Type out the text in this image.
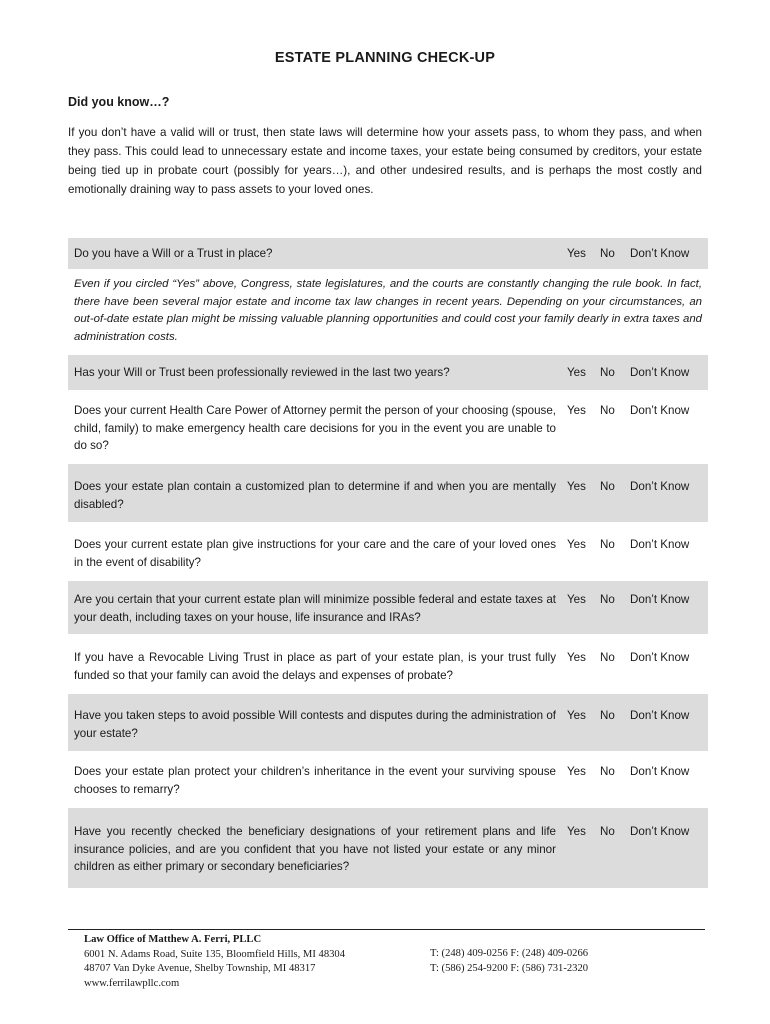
ESTATE PLANNING CHECK-UP
Did you know…?
If you don’t have a valid will or trust, then state laws will determine how your assets pass, to whom they pass, and when they pass. This could lead to unnecessary estate and income taxes, your estate being consumed by creditors, your estate being tied up in probate court (possibly for years…), and other undesired results, and is perhaps the most costly and emotionally draining way to pass assets to your loved ones.
Do you have a Will or a Trust in place?	Yes No Don’t Know
Even if you circled “Yes” above, Congress, state legislatures, and the courts are constantly changing the rule book. In fact, there have been several major estate and income tax law changes in recent years. Depending on your circumstances, an out-of-date estate plan might be missing valuable planning opportunities and could cost your family dearly in extra taxes and administration costs.
Has your Will or Trust been professionally reviewed in the last two years?	Yes No Don’t Know
Does your current Health Care Power of Attorney permit the person of your choosing (spouse, child, family) to make emergency health care decisions for you in the event you are unable to do so?
Yes No Don’t Know
Does your estate plan contain a customized plan to determine if and when you are mentally disabled?
Yes No Don’t Know
Does your current estate plan give instructions for your care and the care of your loved ones in the event of disability?
Yes No Don’t Know
Are you certain that your current estate plan will minimize possible federal and estate taxes at your death, including taxes on your house, life insurance and IRAs?
Yes No Don’t Know
If you have a Revocable Living Trust in place as part of your estate plan, is your trust fully funded so that your family can avoid the delays and expenses of probate?
Yes No Don’t Know
Have you taken steps to avoid possible Will contests and disputes during the administration of your estate?
Yes No Don’t Know
Does your estate plan protect your children’s inheritance in the event your surviving spouse chooses to remarry?
Yes No Don’t Know
Have you recently checked the beneficiary designations of your retirement plans and life insurance policies, and are you confident that you have not listed your estate or any minor children as either primary or secondary beneficiaries?
Yes No Don’t Know
Law Office of Matthew A. Ferri, PLLC
6001 N. Adams Road, Suite 135, Bloomfield Hills, MI 48304
48707 Van Dyke Avenue, Shelby Township, MI 48317
www.ferrilawpllc.com
T: (248) 409-0256 F: (248) 409-0266
T: (586) 254-9200 F: (586) 731-2320
